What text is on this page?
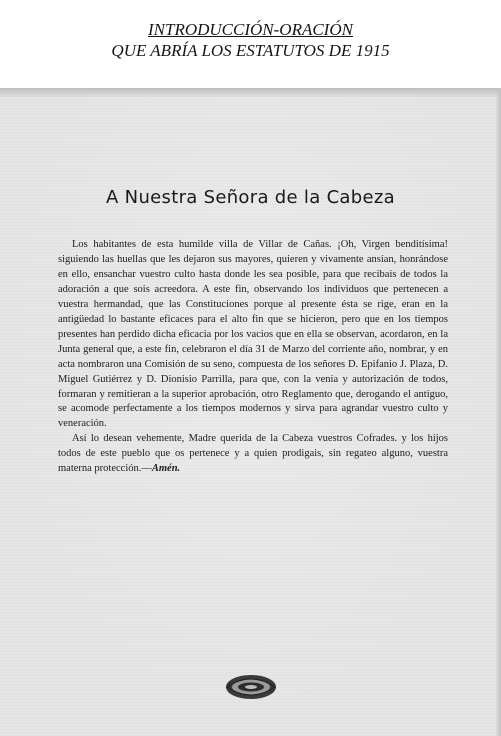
INTRODUCCIÓN-ORACIÓN
QUE ABRÍA LOS ESTATUTOS DE 1915
A Nuestra Señora de la Cabeza

Los habitantes de esta humilde villa de Villar de Cañas. ¡Oh, Virgen benditísima! siguiendo las huellas que les dejaron sus mayores, quieren y vivamente ansían, honrándose en ello, ensanchar vuestro culto hasta donde les sea posible, para que recibais de todos la adoración a que sois acreedora. A este fin, observando los individuos que pertenecen a vuestra hermandad, que las Constituciones porque al presente ésta se rige, eran en la antigüedad lo bastante eficaces para el alto fin que se hicieron, pero que en los tiempos presentes han perdido dicha eficacia por los vacios que en ella se observan, acordaron, en la Junta general que, a este fin, celebraron el día 31 de Marzo del corriente año, nombrar, y en acta nombraron una Comisión de su seno, compuesta de los señores D. Epifanio J. Plaza, D. Miguel Gutiérrez y D. Dionisio Parrilla, para que, con la venia y autorización de todos, formaran y remitieran a la superior aprobación, otro Reglamento que, derogando el antiguo, se acomode perfectamente a los tiempos modernos y sirva para agrandar vuestro culto y veneración.

Así lo desean vehemente, Madre querida de la Cabeza vuestros Cofrades. y los hijos todos de este pueblo que os pertenece y a quien prodigais, sin regateo alguno, vuestra materna protección.—Amén.
